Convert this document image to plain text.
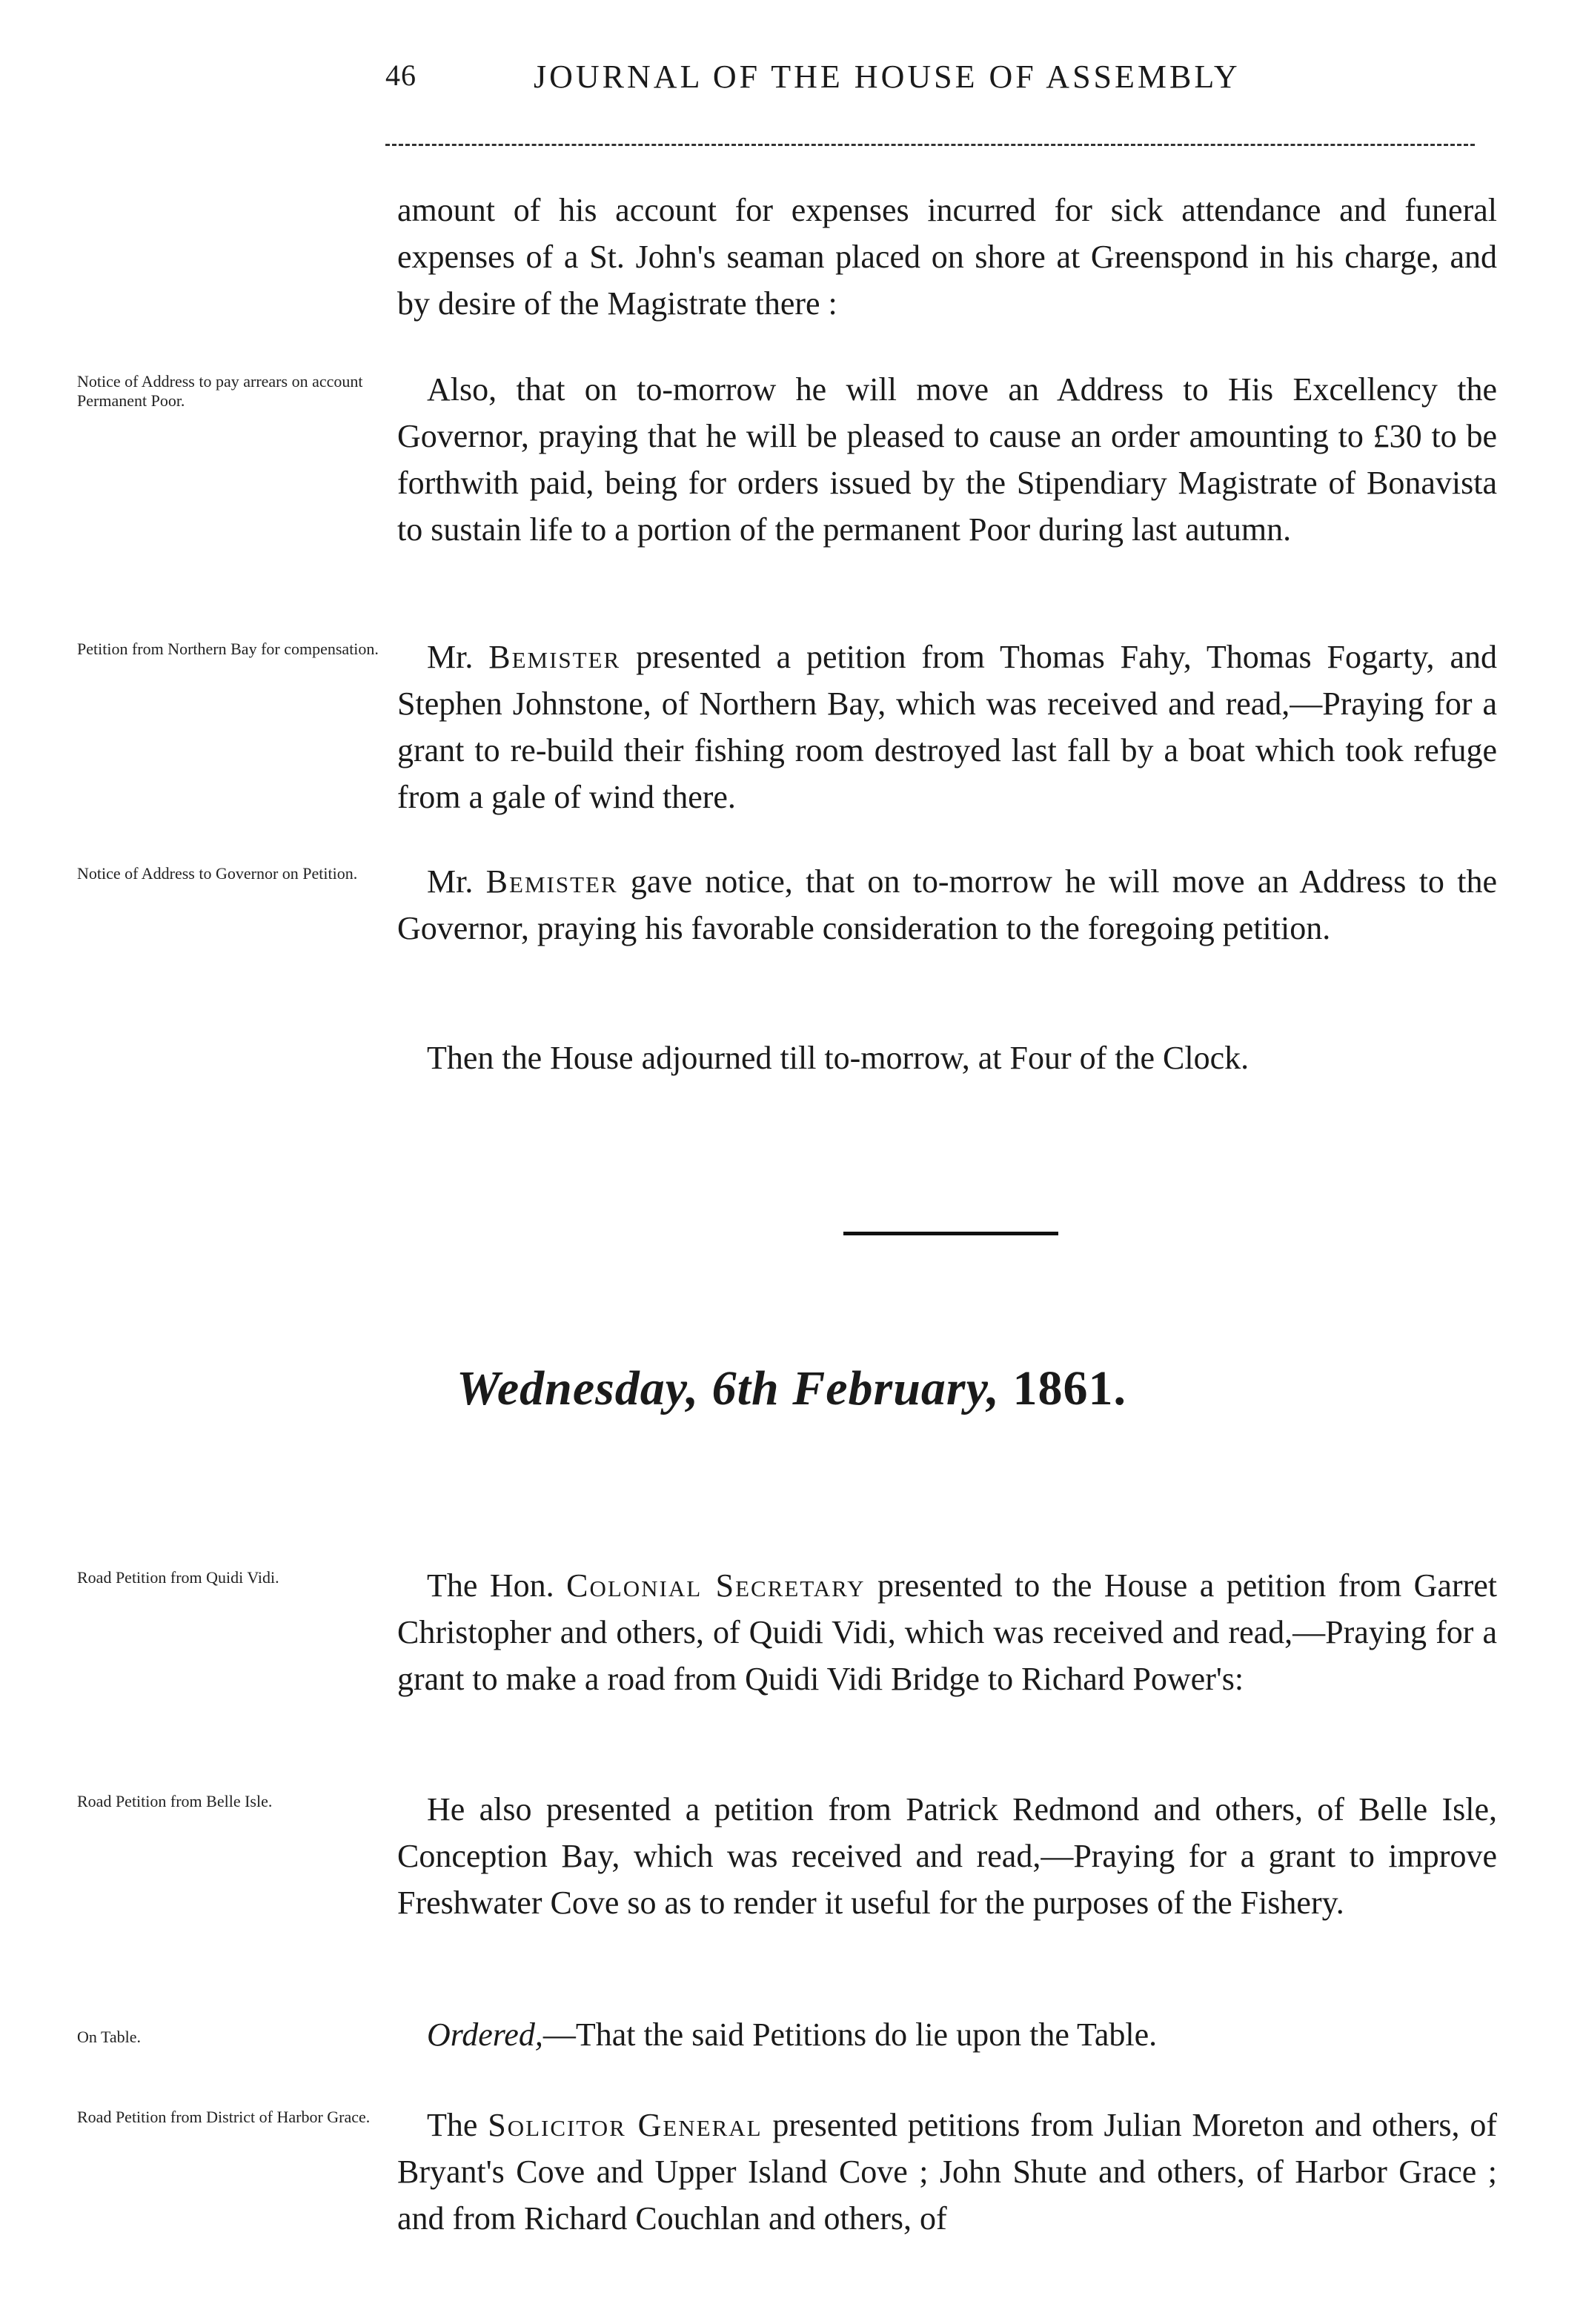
46	JOURNAL OF THE HOUSE OF ASSEMBLY
amount of his account for expenses incurred for sick attendance and funeral expenses of a St. John's seaman placed on shore at Greenspond in his charge, and by desire of the Magistrate there :
Notice of Address to pay arrears on account Permanent Poor.	Also, that on to-morrow he will move an Address to His Excellency the Governor, praying that he will be pleased to cause an order amounting to £30 to be forthwith paid, being for orders issued by the Stipendiary Magistrate of Bonavista to sustain life to a portion of the permanent Poor during last autumn.
Petition from Northern Bay for compensation.	Mr. Bemister presented a petition from Thomas Fahy, Thomas Fogarty, and Stephen Johnstone, of Northern Bay, which was received and read,—Praying for a grant to re-build their fishing room destroyed last fall by a boat which took refuge from a gale of wind there.
Notice of Address to Governor on Petition.	Mr. Bemister gave notice, that on to-morrow he will move an Address to the Governor, praying his favorable consideration to the foregoing petition.
Then the House adjourned till to-morrow, at Four of the Clock.
Wednesday, 6th February, 1861.
Road Petition from Quidi Vidi.	The Hon. Colonial Secretary presented to the House a petition from Garret Christopher and others, of Quidi Vidi, which was received and read,—Praying for a grant to make a road from Quidi Vidi Bridge to Richard Power's:
Road Petition from Belle Isle.	He also presented a petition from Patrick Redmond and others, of Belle Isle, Conception Bay, which was received and read,—Praying for a grant to improve Freshwater Cove so as to render it useful for the purposes of the Fishery.
On Table.	Ordered,—That the said Petitions do lie upon the Table.
Road Petition from District of Harbor Grace.	The Solicitor General presented petitions from Julian Moreton and others, of Bryant's Cove and Upper Island Cove ; John Shute and others, of Harbor Grace ; and from Richard Couchlan and others, of
